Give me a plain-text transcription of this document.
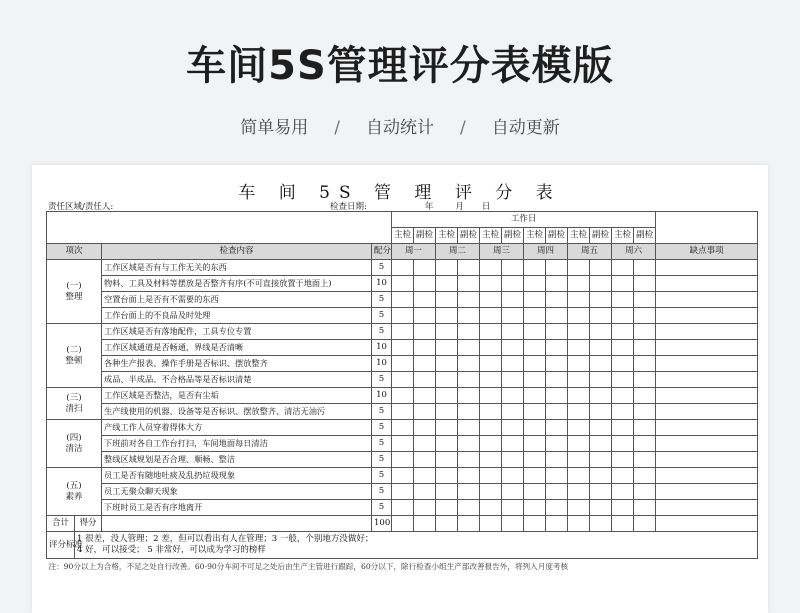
车间5S管理评分表模版
简单易用 / 自动统计 / 自动更新
车 间 5S 管 理 评 分 表
责任区域/责任人:	检查日期:	年	月 日
				工作日												
				主检	副检	主检	副检	主检	副检	主检	副检	主检	副检	主检	副检	
项次		检查内容	配分	周一		周二		周三		周四		周五		周六		缺点事项
(一)
整理		工作区域是否有与工作无关的东西	5													
		物料、工具及材料等摆放是否整齐有序(不可直接放置于地面上)	10													
		空置台面上是否有不需要的东西	5													
		工作台面上的不良品及时处理	5													
(二)
整顿		工作区域是否有落地配件，工具专位专置	5													
		工作区域通道是否畅通，界线是否清晰	10													
		各种生产报表、操作手册是否标识、摆放整齐	10													
		成品、半成品、不合格品等是否标识清楚	5													
(三)
清扫		工作区域是否整洁，是否有尘垢	10													
		生产线使用的机器、设备等是否标识、摆放整齐、清洁无油污	5													
(四)
清洁		产线工作人员穿着得体大方	5													
		下班前对各自工作台打扫，车间地面每日清洁	5													
		整线区域规划是否合理、顺畅、整洁	5													
(五)
素养		员工是否有随地吐痰及乱扔垃圾现象	5													
		员工无聚众聊天现象	5													
		下班时员工是否有序地离开	5													
合计	得分		100													
评分标准	1 很差，没人管理；2 差，但可以看出有人在管理；3 一般，个别地方没做好；
4 好，可以接受； 5 非常好，可以成为学习的榜样															

注：90分以上为合格，不足之处自行改善。60-90分车间不可足之处后由生产主管进行跟踪，60分以下，除行检查小组生产部改善报告外，将列入月度考核																
